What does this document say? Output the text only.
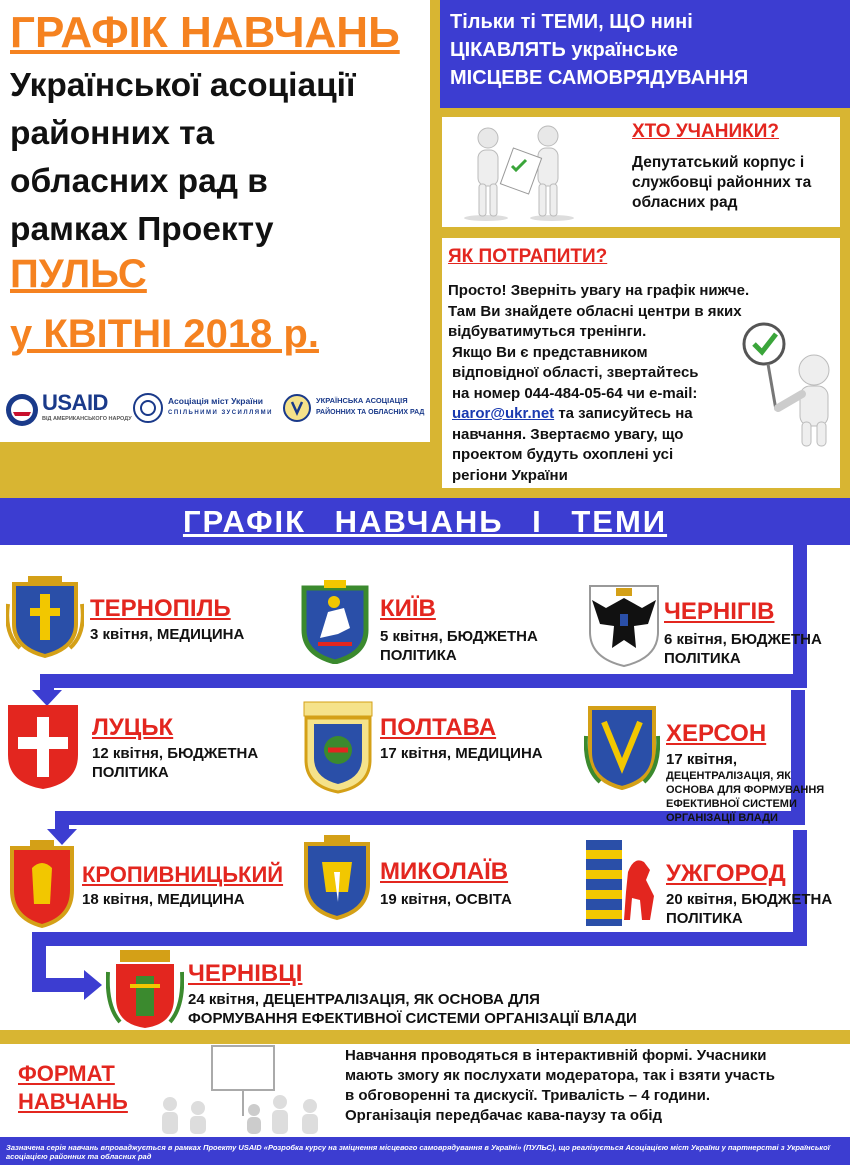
ГРАФІК НАВЧАНЬ
Української асоціації
районних та
обласних рад в
рамках Проекту
ПУЛЬС
у КВІТНІ 2018 р.
USAID
ВІД АМЕРИКАНСЬКОГО НАРОДУ
Асоціація міст України
СПІЛЬНИМИ ЗУСИЛЛЯМИ
УКРАЇНСЬКА АСОЦІАЦІЯ
РАЙОННИХ ТА ОБЛАСНИХ РАД
Тільки ті ТЕМИ, ЩО нині
ЦІКАВЛЯТЬ українське
МІСЦЕВЕ САМОВРЯДУВАННЯ
ХТО УЧАНИКИ?
Депутатський корпус і
службовці районних та
обласних рад
ЯК ПОТРАПИТИ?
Просто! Зверніть увагу на графік нижче.
Там Ви знайдете обласні центри в яких
відбуватимуться тренінги.
Якщо Ви є представником
відповідної області, звертайтесь
на номер 044-484-05-64 чи e-mail:
uaror@ukr.net та записуйтесь на
навчання. Звертаємо увагу, що
проектом будуть охоплені усі
регіони України
ГРАФІК НАВЧАНЬ І ТЕМИ
ТЕРНОПІЛЬ
3 квітня, МЕДИЦИНА
КИЇВ
5 квітня, БЮДЖЕТНА
ПОЛІТИКА
ЧЕРНІГІВ
6 квітня, БЮДЖЕТНА
ПОЛІТИКА
ЛУЦЬК
12 квітня, БЮДЖЕТНА
ПОЛІТИКА
ПОЛТАВА
17 квітня, МЕДИЦИНА
ХЕРСОН
17 квітня,
ДЕЦЕНТРАЛІЗАЦІЯ, ЯК
ОСНОВА ДЛЯ ФОРМУВАННЯ
ЕФЕКТИВНОЇ СИСТЕМИ
ОРГАНІЗАЦІЇ ВЛАДИ
КРОПИВНИЦЬКИЙ
18 квітня, МЕДИЦИНА
МИКОЛАЇВ
19 квітня, ОСВІТА
УЖГОРОД
20 квітня, БЮДЖЕТНА
ПОЛІТИКА
ЧЕРНІВЦІ
24 квітня, ДЕЦЕНТРАЛІЗАЦІЯ, ЯК ОСНОВА ДЛЯ
ФОРМУВАННЯ ЕФЕКТИВНОЇ СИСТЕМИ ОРГАНІЗАЦІЇ ВЛАДИ
ФОРМАТ
НАВЧАНЬ
Навчання проводяться в інтерактивній формі. Учасники
мають змогу як послухати модератора, так і взяти участь
в обговоренні та дискусії. Тривалість – 4 години.
Організація передбачає кава-паузу та обід
Зазначена серія навчань впроваджується в рамках Проекту USAID «Розробка курсу на зміцнення місцевого самоврядування в Україні» (ПУЛЬС), що реалізується Асоціацією міст України у партнерстві з Української асоціацією районних та обласних рад
